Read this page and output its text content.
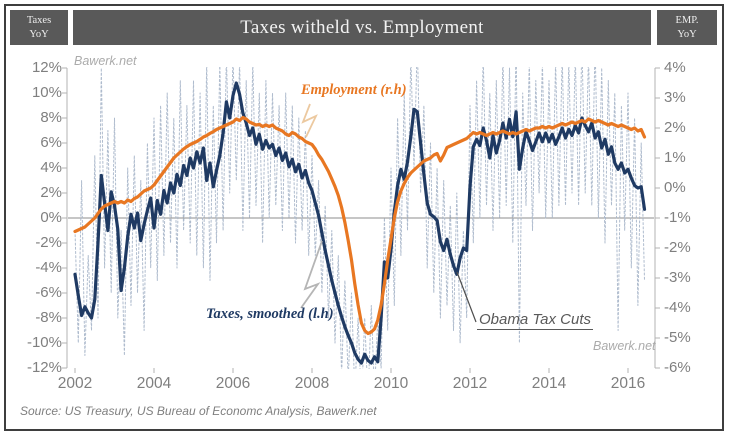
Taxes
YoY	Taxes witheld vs. Employment	EMP.
YoY
12%
10%
8%
6%
4%
2%
0%
-2%
-4%
-6%
-8%
-10%
-12%
4%
3%
2%
1%
0%
-1%
-2%
-3%
-4%
-5%
-6%
2002	2004	2006	2008	2010	2012	2014	2016
Bawerk.net
Bawerk.net
Employment (r.h)
Taxes, smoothed (l.h)	Obama Tax Cuts
Source: US Treasury, US Bureau of Economc Analysis, Bawerk.net
